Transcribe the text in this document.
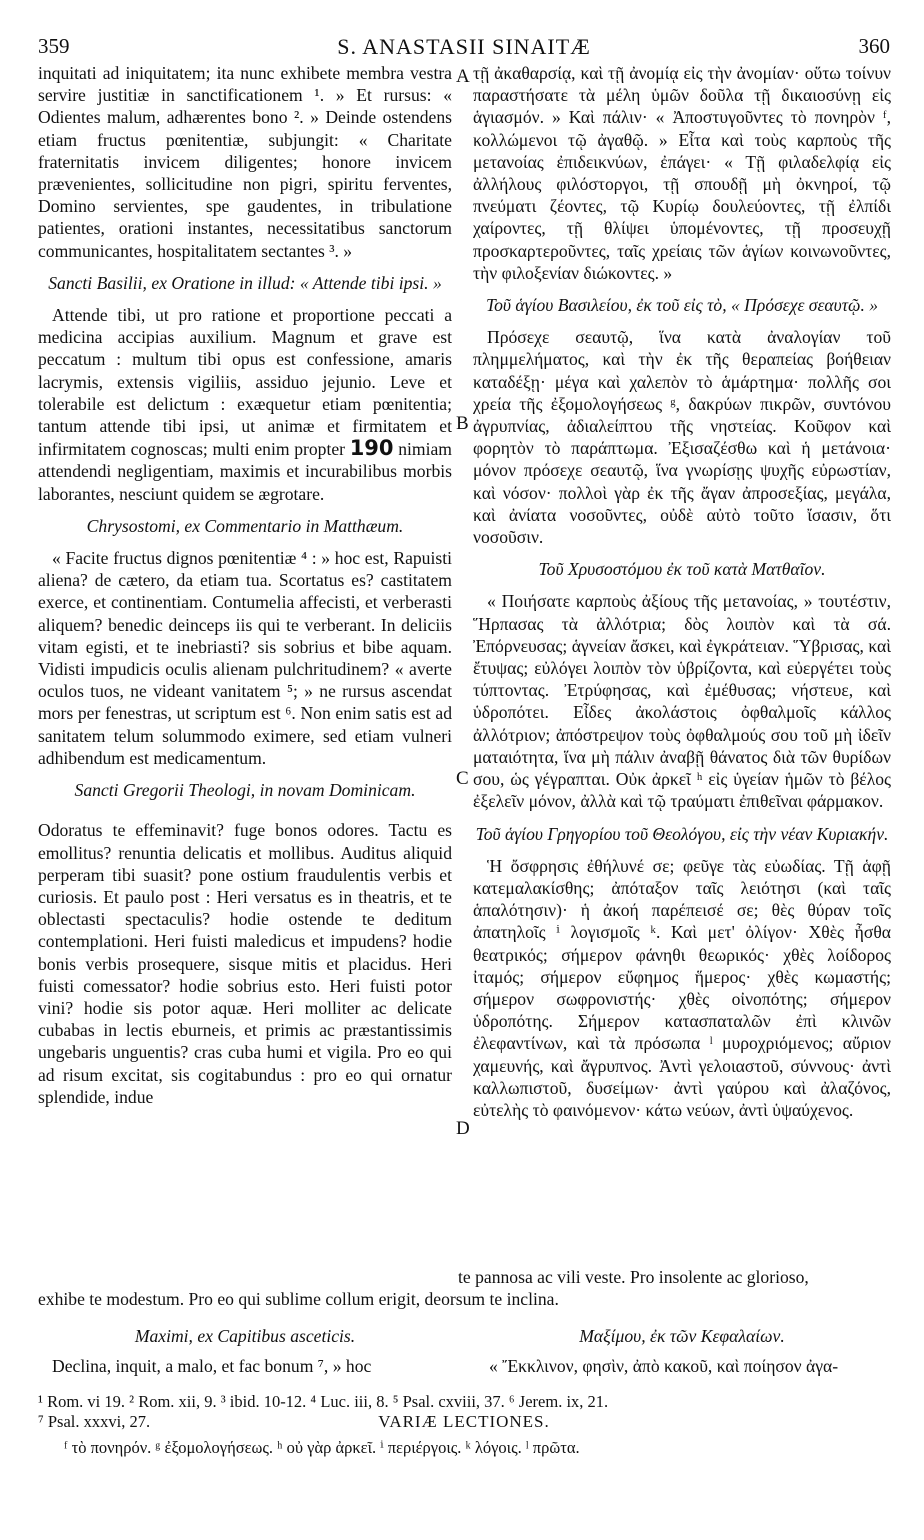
359	S. ANASTASII SINAITÆ	360

inquitati ad iniquitatem; ita nunc exhibete membra vestra servire justitiæ in sanctificationem ¹. » Et rursus: « Odientes malum, adhærentes bono ². » Deinde ostendens etiam fructus pœnitentiæ, subjungit: « Charitate fraternitatis invicem diligentes; honore invicem prævenientes, sollicitudine non pigri, spiritu ferventes, Domino servientes, spe gaudentes, in tribulatione patientes, orationi instantes, necessitatibus sanctorum communicantes, hospitalitatem sectantes ³. »

Sancti Basilii, ex Oratione in illud: « Attende tibi ipsi. »

Attende tibi, ut pro ratione et proportione peccati a medicina accipias auxilium. Magnum et grave est peccatum : multum tibi opus est confessione, amaris lacrymis, extensis vigiliis, assiduo jejunio. Leve et tolerabile est delictum : exæquetur etiam pœnitentia; tantum attende tibi ipsi, ut animæ et firmitatem et infirmitatem cognoscas; multi enim propter 190 nimiam attendendi negligentiam, maximis et incurabilibus morbis laborantes, nesciunt quidem se ægrotare.

Chrysostomi, ex Commentario in Matthæum.

« Facite fructus dignos pœnitentiæ ⁴ : » hoc est, Rapuisti aliena? de cætero, da etiam tua. Scortatus es? castitatem exerce, et continentiam. Contumelia affecisti, et verberasti aliquem? benedic deinceps iis qui te verberant. In deliciis vitam egisti, et te inebriasti? sis sobrius et bibe aquam. Vidisti impudicis oculis alienam pulchritudinem? « averte oculos tuos, ne videant vanitatem ⁵; » ne rursus ascendat mors per fenestras, ut scriptum est ⁶. Non enim satis est ad sanitatem telum solummodo eximere, sed etiam vulneri adhibendum est medicamentum.

Sancti Gregorii Theologi, in novam Dominicam.

Odoratus te effeminavit? fuge bonos odores. Tactu es emollitus? renuntia delicatis et mollibus. Auditus aliquid perperam tibi suasit? pone ostium fraudulentis verbis et curiosis. Et paulo post : Heri versatus es in theatris, et te oblectasti spectaculis? hodie ostende te deditum contemplationi. Heri fuisti maledicus et impudens? hodie bonis verbis prosequere, sisque mitis et placidus. Heri fuisti comessator? hodie sobrius esto. Heri fuisti potor vini? hodie sis potor aquæ. Heri molliter ac delicate cubabas in lectis eburneis, et primis ac præstantissimis ungebaris unguentis? cras cuba humi et vigila. Pro eo qui ad risum excitat, sis cogitabundus : pro eo qui ornatur splendide, indue

τῇ ἀκαθαρσίᾳ, καὶ τῇ ἀνομίᾳ εἰς τὴν ἀνομίαν· οὕτω τοίνυν παραστήσατε τὰ μέλη ὑμῶν δοῦλα τῇ δικαιοσύνῃ εἰς ἁγιασμόν. » Καὶ πάλιν· « Ἀποστυγοῦντες τὸ πονηρὸν ᶠ, κολλώμενοι τῷ ἀγαθῷ. » Εἶτα καὶ τοὺς καρποὺς τῆς μετανοίας ἐπιδεικνύων, ἐπάγει· « Τῇ φιλαδελφίᾳ εἰς ἀλλήλους φιλόστοργοι, τῇ σπουδῇ μὴ ὀκνηροί, τῷ πνεύματι ζέοντες, τῷ Κυρίῳ δουλεύοντες, τῇ ἐλπίδι χαίροντες, τῇ θλίψει ὑπομένοντες, τῇ προσευχῇ προσκαρτεροῦντες, ταῖς χρείαις τῶν ἁγίων κοινωνοῦντες, τὴν φιλοξενίαν διώκοντες. »

Τοῦ ἁγίου Βασιλείου, ἐκ τοῦ εἰς τὸ, « Πρόσεχε σεαυτῷ. »

Πρόσεχε σεαυτῷ, ἵνα κατὰ ἀναλογίαν τοῦ πλημμελήματος, καὶ τὴν ἐκ τῆς θεραπείας βοήθειαν καταδέξῃ· μέγα καὶ χαλεπὸν τὸ ἁμάρτημα· πολλῆς σοι χρεία τῆς ἐξομολογήσεως ᵍ, δακρύων πικρῶν, συντόνου ἀγρυπνίας, ἀδιαλείπτου τῆς νηστείας. Κοῦφον καὶ φορητὸν τὸ παράπτωμα. Ἐξισαζέσθω καὶ ἡ μετάνοια· μόνον πρόσεχε σεαυτῷ, ἵνα γνωρίσῃς ψυχῆς εὐρωστίαν, καὶ νόσον· πολλοὶ γὰρ ἐκ τῆς ἄγαν ἀπροσεξίας, μεγάλα, καὶ ἀνίατα νοσοῦντες, οὐδὲ αὐτὸ τοῦτο ἴσασιν, ὅτι νοσοῦσιν.

Τοῦ Χρυσοστόμου ἐκ τοῦ κατὰ Ματθαῖον.

« Ποιήσατε καρποὺς ἀξίους τῆς μετανοίας, » τουτέστιν, Ἥρπασας τὰ ἀλλότρια; δὸς λοιπὸν καὶ τὰ σά. Ἐπόρνευσας; ἁγνείαν ἄσκει, καὶ ἐγκράτειαν. Ὕβρισας, καὶ ἔτυψας; εὐλόγει λοιπὸν τὸν ὑβρίζοντα, καὶ εὐεργέτει τοὺς τύπτοντας. Ἐτρύφησας, καὶ ἐμέθυσας; νήστευε, καὶ ὑδροπότει. Εἶδες ἀκολάστοις ὀφθαλμοῖς κάλλος ἀλλότριον; ἀπόστρεψον τοὺς ὀφθαλμούς σου τοῦ μὴ ἰδεῖν ματαιότητα, ἵνα μὴ πάλιν ἀναβῇ θάνατος διὰ τῶν θυρίδων σου, ὡς γέγραπται. Οὐκ ἀρκεῖ ʰ εἰς ὑγείαν ἡμῶν τὸ βέλος ἐξελεῖν μόνον, ἀλλὰ καὶ τῷ τραύματι ἐπιθεῖναι φάρμακον.

Τοῦ ἁγίου Γρηγορίου τοῦ Θεολόγου, εἰς τὴν νέαν Κυριακήν.

Ἡ ὄσφρησις ἐθήλυνέ σε; φεῦγε τὰς εὐωδίας. Τῇ ἁφῇ κατεμαλακίσθης; ἀπόταξον ταῖς λειότησι (καὶ ταῖς ἁπαλότησιν)· ἡ ἀκοή παρέπεισέ σε; θὲς θύραν τοῖς ἀπατηλοῖς ⁱ λογισμοῖς ᵏ. Καὶ μετ' ὀλίγον· Χθὲς ἦσθα θεατρικός; σήμερον φάνηθι θεωρικός· χθὲς λοίδορος ἰταμός; σήμερον εὔφημος ἥμερος· χθὲς κωμαστής; σήμερον σωφρονιστής· χθὲς οἰνοπότης; σήμερον ὑδροπότης. Σήμερον κατασπαταλῶν ἐπὶ κλινῶν ἐλεφαντίνων, καὶ τὰ πρόσωπα ˡ μυροχριόμενος; αὔριον χαμευνής, καὶ ἄγρυπνος. Ἀντὶ γελοιαστοῦ, σύννους· ἀντὶ καλλωπιστοῦ, δυσείμων· ἀντὶ γαύρου καὶ ἀλαζόνος, εὐτελὴς τὸ φαινόμενον· κάτω νεύων, ἀντὶ ὑψαύχενος.

A
B
C
D
te pannosa ac vili veste. Pro insolente ac glorioso,
exhibe te modestum. Pro eo qui sublime collum erigit, deorsum te inclina.
Maximi, ex Capitibus asceticis.	Μαξίμου, ἐκ τῶν Κεφαλαίων.
Declina, inquit, a malo, et fac bonum ⁷, » hoc	« Ἔκκλινον, φησὶν, ἀπὸ κακοῦ, καὶ ποίησον ἀγα-
¹ Rom. vi 19. ² Rom. xii, 9. ³ ibid. 10-12. ⁴ Luc. iii, 8. ⁵ Psal. cxviii, 37. ⁶ Jerem. ix, 21.
⁷ Psal. xxxvi, 27.	VARIÆ LECTIONES.
ᶠ τὸ πονηρόν. ᵍ ἐξομολογήσεως. ʰ οὐ γὰρ ἀρκεῖ. ⁱ περιέργοις. ᵏ λόγοις. ˡ πρῶτα.
